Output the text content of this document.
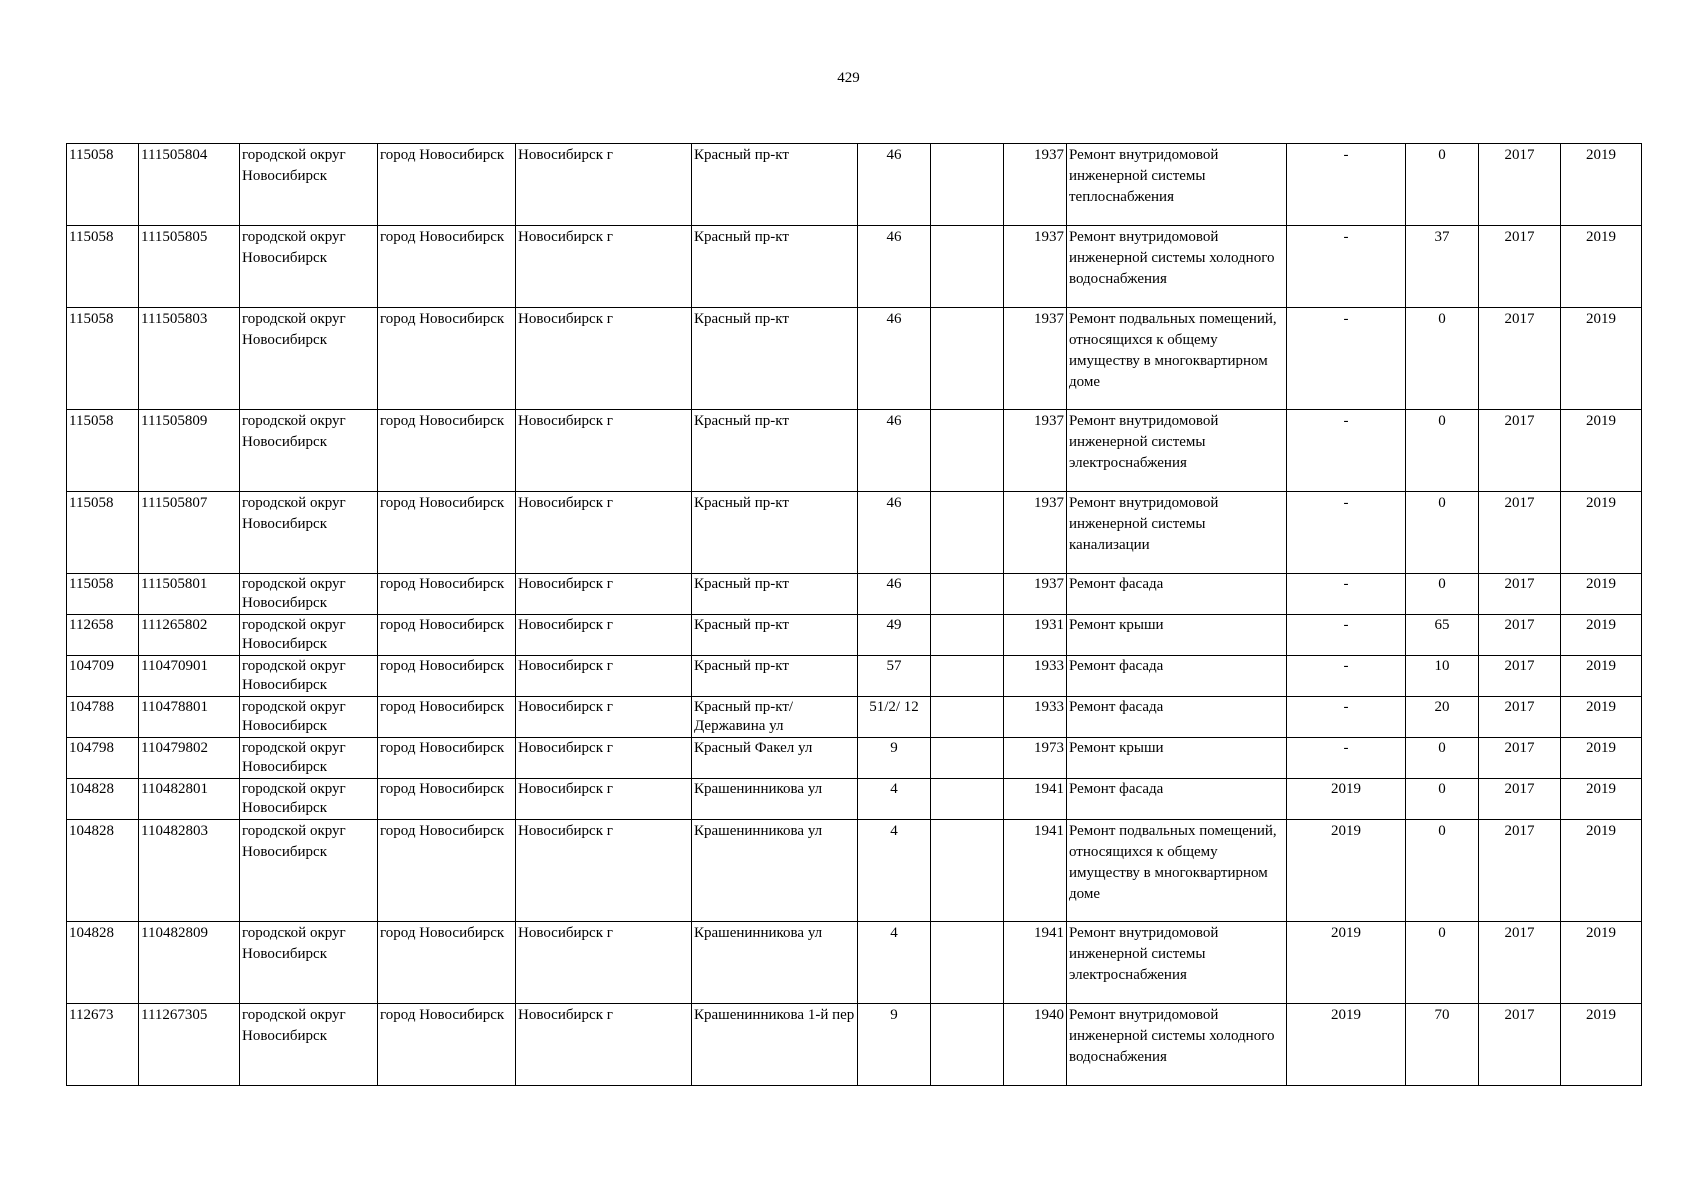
429
115058	111505804	городской округ Новосибирск	город Новосибирск	Новосибирск г	Красный пр-кт	46		1937	Ремонт внутридомовой инженерной системы теплоснабжения	-	0	2017	2019
115058	111505805	городской округ Новосибирск	город Новосибирск	Новосибирск г	Красный пр-кт	46		1937	Ремонт внутридомовой инженерной системы холодного водоснабжения	-	37	2017	2019
115058	111505803	городской округ Новосибирск	город Новосибирск	Новосибирск г	Красный пр-кт	46		1937	Ремонт подвальных помещений, относящихся к общему имуществу в многоквартирном доме	-	0	2017	2019
115058	111505809	городской округ Новосибирск	город Новосибирск	Новосибирск г	Красный пр-кт	46		1937	Ремонт внутридомовой инженерной системы электроснабжения	-	0	2017	2019
115058	111505807	городской округ Новосибирск	город Новосибирск	Новосибирск г	Красный пр-кт	46		1937	Ремонт внутридомовой инженерной системы канализации	-	0	2017	2019
115058	111505801	городской округ Новосибирск	город Новосибирск	Новосибирск г	Красный пр-кт	46		1937	Ремонт фасада	-	0	2017	2019
112658	111265802	городской округ Новосибирск	город Новосибирск	Новосибирск г	Красный пр-кт	49		1931	Ремонт крыши	-	65	2017	2019
104709	110470901	городской округ Новосибирск	город Новосибирск	Новосибирск г	Красный пр-кт	57		1933	Ремонт фасада	-	10	2017	2019
104788	110478801	городской округ Новосибирск	город Новосибирск	Новосибирск г	Красный пр-кт/ Державина ул	51/2/ 12		1933	Ремонт фасада	-	20	2017	2019
104798	110479802	городской округ Новосибирск	город Новосибирск	Новосибирск г	Красный Факел ул	9		1973	Ремонт крыши	-	0	2017	2019
104828	110482801	городской округ Новосибирск	город Новосибирск	Новосибирск г	Крашенинникова ул	4		1941	Ремонт фасада	2019	0	2017	2019
104828	110482803	городской округ Новосибирск	город Новосибирск	Новосибирск г	Крашенинникова ул	4		1941	Ремонт подвальных помещений, относящихся к общему имуществу в многоквартирном доме	2019	0	2017	2019
104828	110482809	городской округ Новосибирск	город Новосибирск	Новосибирск г	Крашенинникова ул	4		1941	Ремонт внутридомовой инженерной системы электроснабжения	2019	0	2017	2019
112673	111267305	городской округ Новосибирск	город Новосибирск	Новосибирск г	Крашенинникова 1-й пер	9		1940	Ремонт внутридомовой инженерной системы холодного водоснабжения	2019	70	2017	2019
